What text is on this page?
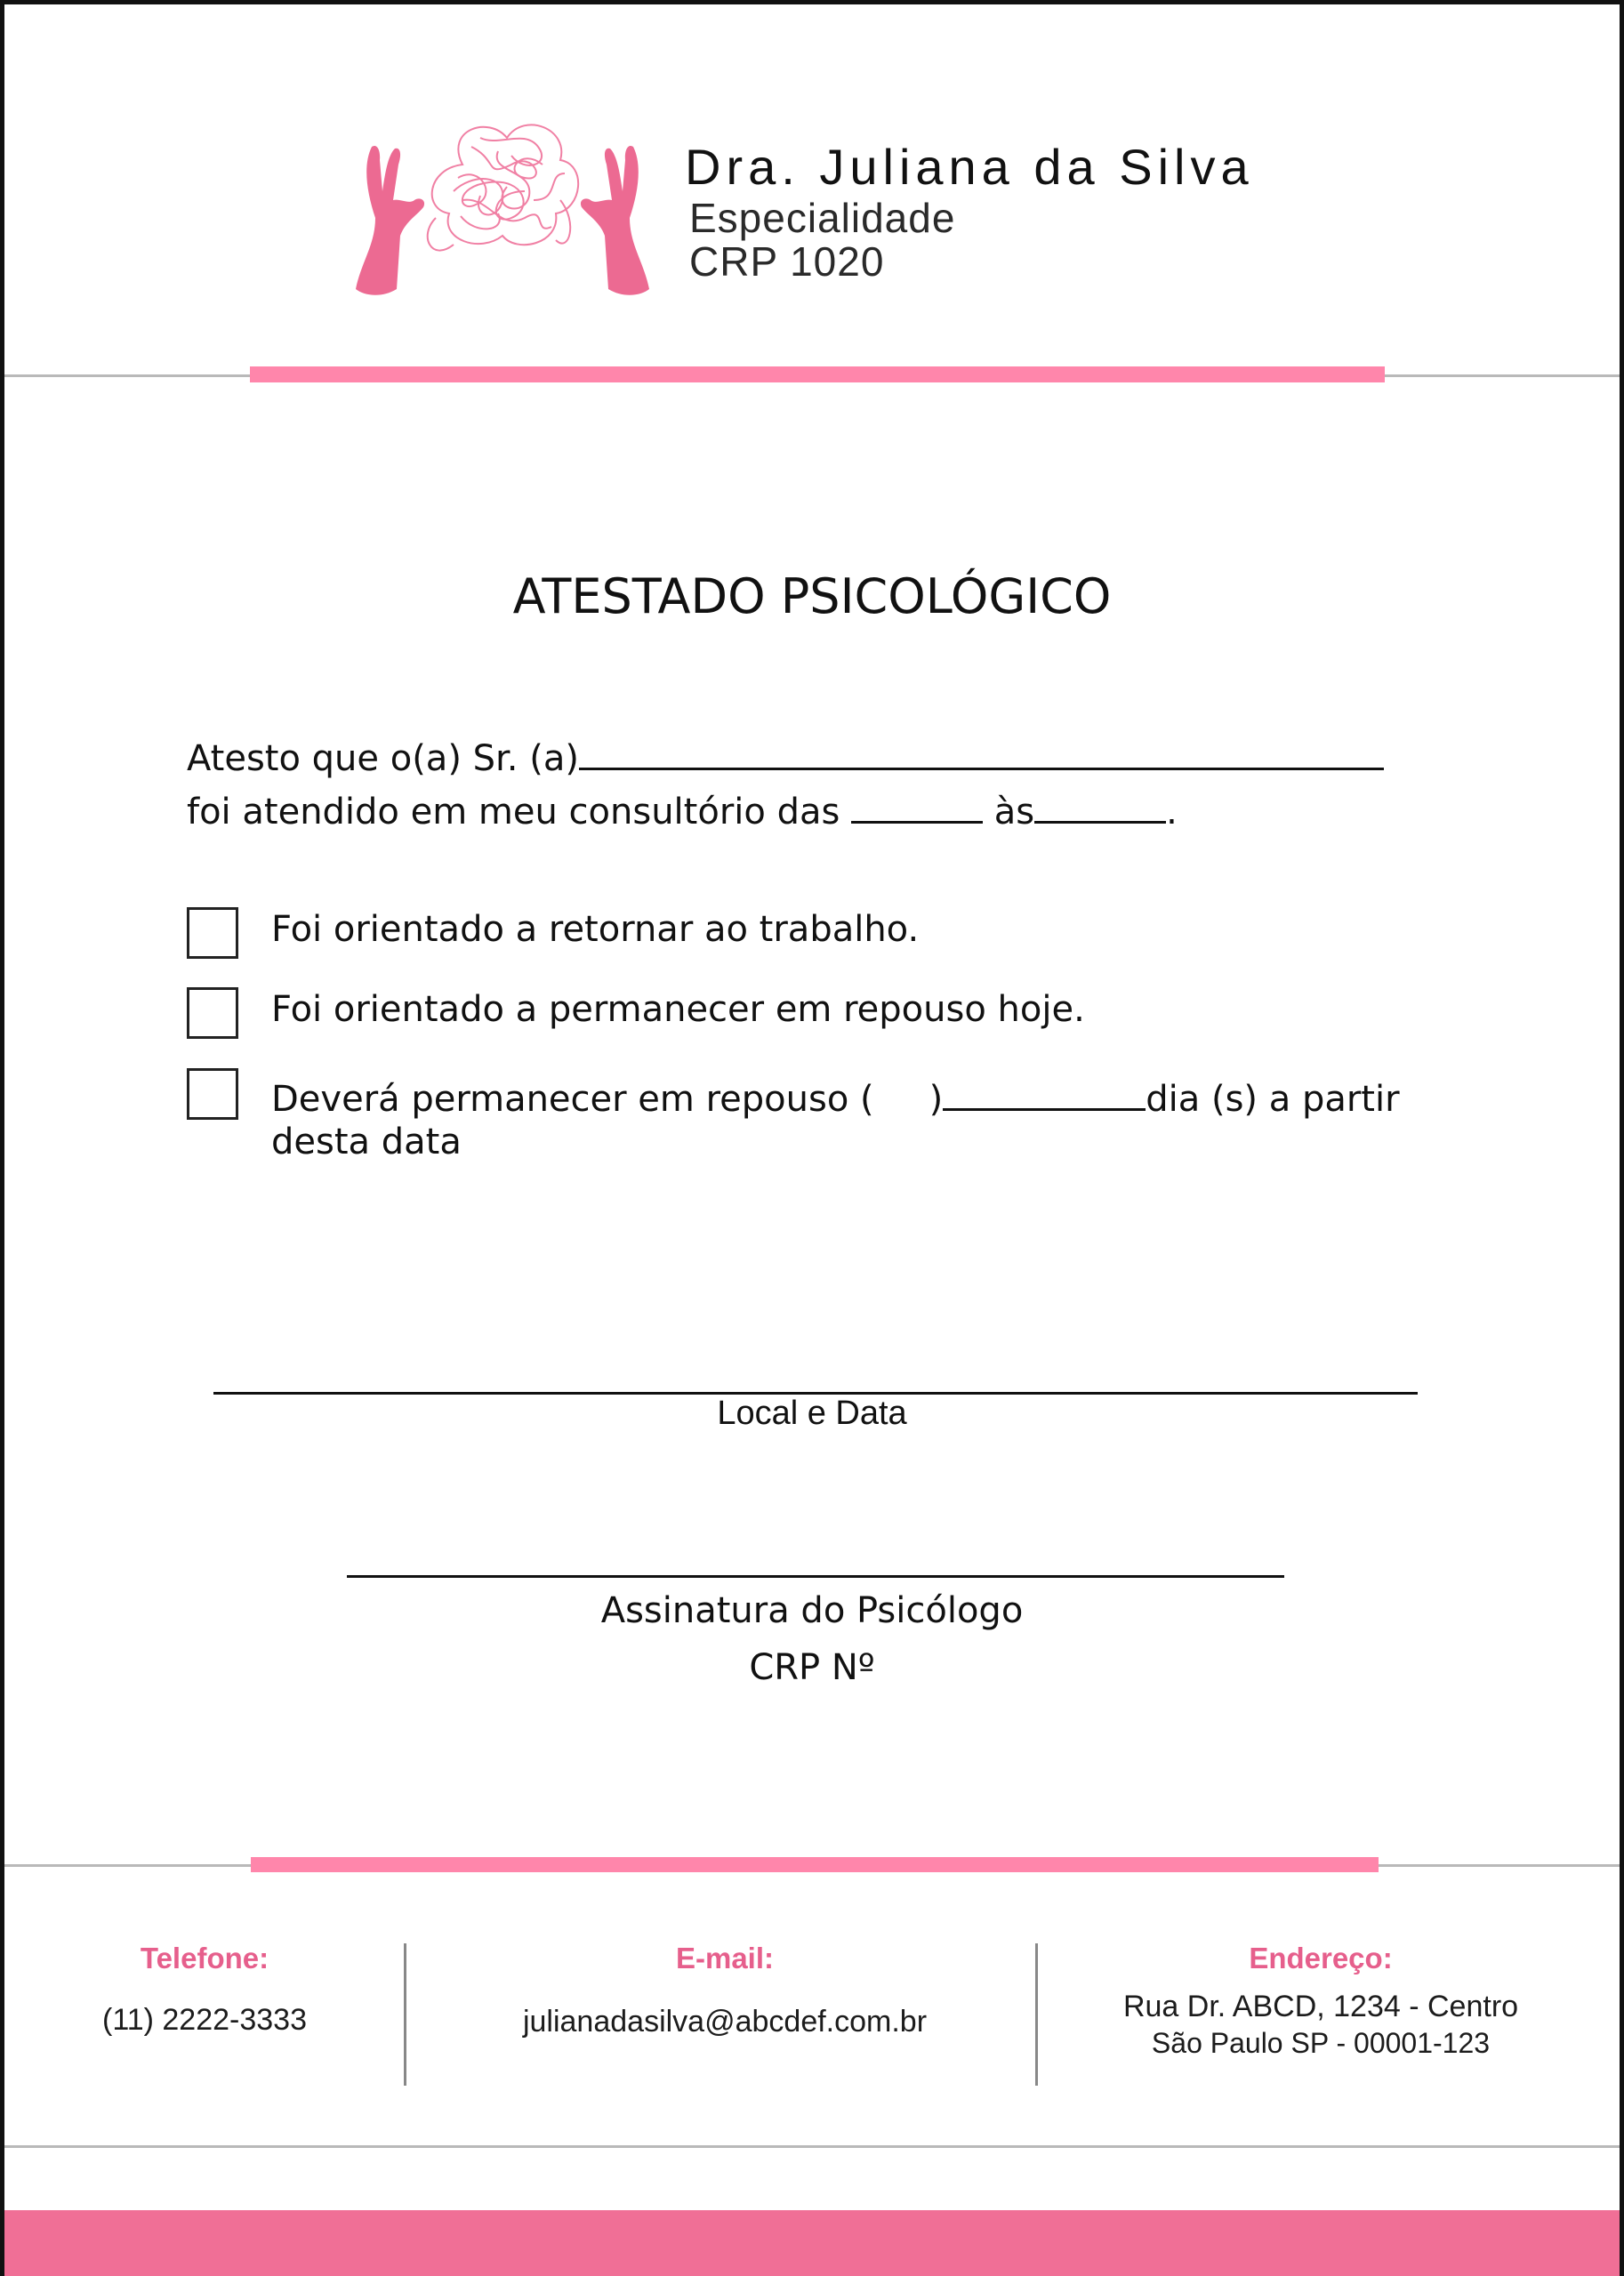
Dra. Juliana da Silva
Especialidade
CRP 1020
ATESTADO PSICOLÓGICO
Atesto que o(a) Sr. (a)
foi atendido em meu consultório das	às	.
Foi orientado a retornar ao trabalho.
Foi orientado a permanecer em repouso hoje.
Deverá permanecer em repouso ( )	dia (s) a partir
desta data
Local e Data
Assinatura do Psicólogo
CRP Nº
Telefone:
(11) 2222-3333
E-mail:
julianadasilva@abcdef.com.br
Endereço:
Rua Dr. ABCD, 1234 - Centro
São Paulo SP - 00001-123
